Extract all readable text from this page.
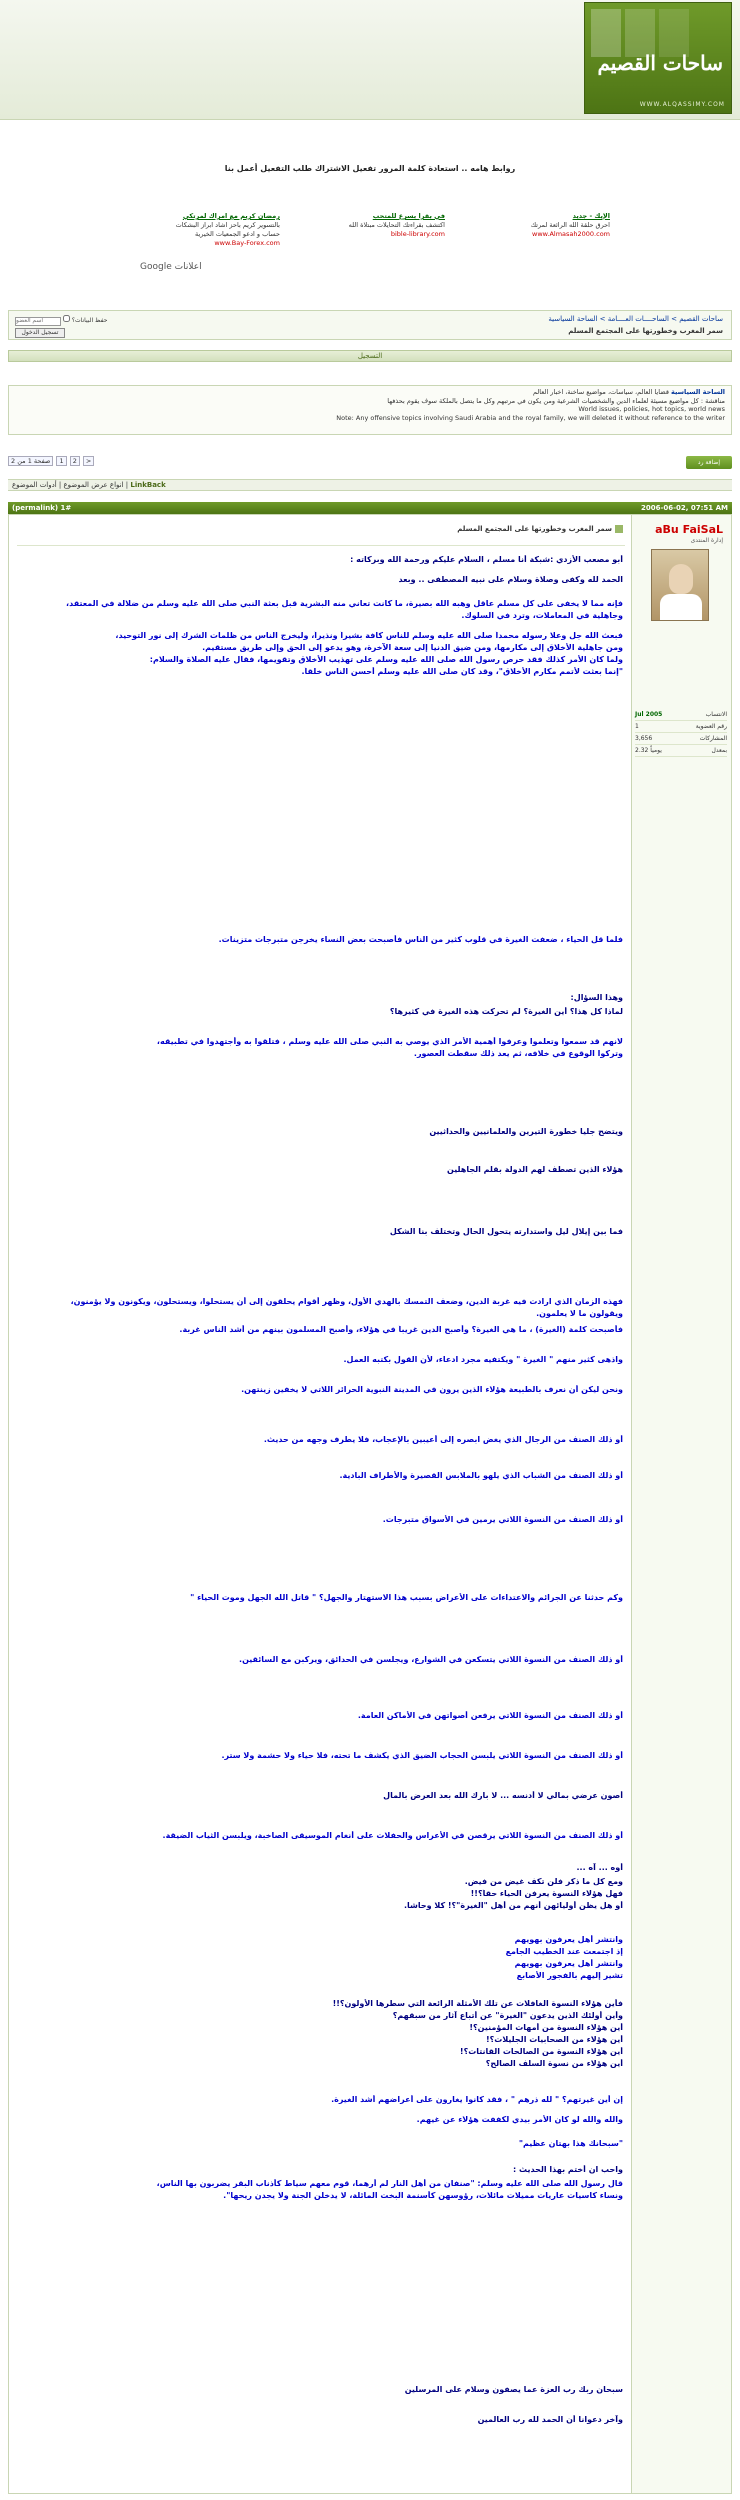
ساحات القصيم
WWW.ALQASSIMY.COM
روابط هامه .. استعادة كلمة المرور تفعيل الاشتراك طلب التفعيل أعمل بنا
الإيك - جديد
احرق حلقة الله الرائعة لمرتك
www.Almasah2000.com
في بقرا بسرع للمتحب
اكتشف بقراءتك التحايلات مبتلاة الله
bible-library.com
رمضان كريم مع امراك لمرتكي
بالتسوير كريم باحز اشاد ابراز البشكات
حساب و ادعو الجمعيات الخيرية
www.Bay-Forex.com
Google اعلانات
ساحات القصيم > الساحــــات العــــامة > الساحة السياسية
سمر المغرب وخطورتها على المجتمع المسلم
اسم العضو  حفظ البيانات؟
تسجيل الدخول
التسجيل
الساحة السياسية قضايا العالم، سياسات، مواضيع ساخنة، اخبار العالم
مناقشة : كل مواضيع مسيئة لعلماء الدين والشخصيات الشرعية ومن يكون في مرتبهم وكل ما يتصل بالملكة سوف يقوم بحذفها
World issues, policies, hot topics, world news
Note: Any offensive topics involving Saudi Arabia and the royal family, we will deleted it without reference to the writer
صفحة 1 من 2 1 2 >	إضافة رد
انواع عرض الموضوع | أدوات الموضوع	| LinkBack
(permalink) 1#	2006-06-02, 07:51 AM
aBu FaiSaL
إدارة المنتدى
الانتساب
Jul 2005
رقم العضوية
1
المشاركات
3,656
بمعدل
2.32 يومياً
سمر المغرب وخطورتها على المجتمع المسلم
أبو مصعب الأزدي :شبكة أنا مسلم ، السلام عليكم ورحمة الله وبركاته :
الحمد لله وكفى وصلاة وسلام على نبيه المصطفى .. وبعد
فإنه مما لا يخفى على كل مسلم عاقل وهبه الله بصيرة، ما كانت تعاني منه البشرية قبل بعثة النبي صلى الله عليه وسلم من ضلالة في المعتقد،
وجاهلية في المعاملات، وترد في السلوك.
فبعث الله جل وعلا رسوله محمداً صلى الله عليه وسلم للناس كافة بشيراً ونذيراً، وليخرج الناس من ظلمات الشرك إلى نور التوحيد،
ومن جاهلية الأخلاق إلى مكارمها، ومن ضيق الدنيا إلى سعة الآخرة، وهو يدعو إلى الحق وإلى طريق مستقيم.
ولما كان الأمر كذلك فقد حرص رسول الله صلى الله عليه وسلم على تهذيب الأخلاق وتقويمها، فقال عليه الصلاة والسلام:
"إنما بعثت لأتمم مكارم الأخلاق"، وقد كان صلى الله عليه وسلم أحسن الناس خلقاً.
فلما قل الحياء ، ضعفت الغيرة في قلوب كثير من الناس فأصبحت بعض النساء يخرجن متبرجات متزينات.
وهذا السؤال:
لماذا كل هذا؟ أين الغيرة؟ لم تحركت هذه الغيرة في كثيرها؟
لانهم قد سمعوا وتعلموا وعرفوا أهمية الأمر الذي يوصي به النبي صلى الله عليه وسلم ، فتلقوا به وأجتهدوا في تطبيقه،
وتركوا الوقوع في خلافه، ثم يعد ذلك سقطت العصور.
ويتضح جليا خطورة التيرين والعلمانيين والحداثيين
هؤلاء الذين تصطف لهم الدولة بقلم الجاهلين
فما بين إيلال ليل واستدارته يتحول الحال وتختلف بنا الشكل
فهذه الزمان الذي ارادت فيه غربة الدين، وضعف التمسك بالهدي الأول، وظهر أقوام يحلقون إلى أن يستحلوا، ويستحلون، ويكونون ولا يؤمنون،
ويقولون ما لا يعلمون.
فأصبحت كلمة (الغيرة) ، ما هي الغيرة؟ وأصبح الدين غريباً في هؤلاء، وأصبح المسلمون بينهم من أشد الناس غربة.
واذهى كثير منهم " الغيرة " ويكتفيه مجرد ادعاء، لأن القول بكتبه العمل.
ونحن ليكن أن نعرف بالطبيعة هؤلاء الذين يرون في المدينة النبوية الحرائر اللاتي لا يخفين زينتهن.
أو ذلك الصنف من الرجال الذي يغض ابصره إلى أعيبين بالإعجاب، فلا يطرف وجهه من حديث.
أو ذلك الصنف من الشباب الذي يلهو بالملابس القصيرة والأطراف البادية.
أو ذلك الصنف من النسوة اللاتي يرمين في الأسواق متبرجات.
وكم حدثنا عن الجرائم والاعتداءات على الأعراض بسبب هذا الاستهتار والجهل؟ " قاتل الله الجهل وموت الحياء "
أو ذلك الصنف من النسوة اللاتي يتسكعن في الشوارع، ويجلسن في الحدائق، ويركبن مع السائقين.
أو ذلك الصنف من النسوة اللاتي يرفعن أصواتهن في الأماكن العامة.
أو ذلك الصنف من النسوة اللاتي يلبسن الحجاب الضيق الذي يكشف ما تحته، فلا حياء ولا حشمة ولا ستر.
أصون عرضي بمالي لا أدنسه ... لا بارك الله بعد العرض بالمال
أو ذلك الصنف من النسوة اللاتي يرقصن في الأعراس والحفلات على أنغام الموسيقى الصاخبة، ويلبسن الثياب الضيقة.
أوه ... آه ...
ومع كل ما ذكر فلن تكف غيض من فيض.
فهل هؤلاء النسوة يعرفن الحياء حقاً؟!!
أو هل يظن أوليائهن أنهم من أهل "الغيرة"؟! كلا وحاشا.
وانتشر أهل يعرفون بهويهم
إذ اجتمعت عند الخطيب الجامع
وانتشر أهل يعرفون بهويهم
تشير إليهم بالفجور الأصابع
فأين هؤلاء النسوة الغافلات عن تلك الأمثلة الرائعة التي سطرها الأولون؟!!
وأين أولئك الذين يدعون "الغيرة" عن أتباع آثار من سبقهم؟
أين هؤلاء النسوة من أمهات المؤمنين؟!
أين هؤلاء من الصحابيات الجليلات؟!
أين هؤلاء النسوة من الصالحات القانتات؟!
أين هؤلاء من نسوة السلف الصالح؟
إن أين غيرتهم؟ " لله ذرهم " ، فقد كانوا يغارون على أعراضهم أشد الغيرة.
والله والله لو كان الأمر بيدي لكففت هؤلاء عن غيهم.
"سبحانك هذا بهتان عظيم"
واحب ان أختم بهذا الحديث :
قال رسول الله صلى الله عليه وسلم: "صنفان من أهل النار لم أرهما، قوم معهم سياط كأذناب البقر يضربون بها الناس،
ونساء كاسيات عاريات مميلات مائلات، رؤوسهن كأسنمة البخت المائلة، لا يدخلن الجنة ولا يجدن ريحها".
سبحان ربك رب العزة عما يصفون وسلام على المرسلين
وآخر دعوانا أن الحمد لله رب العالمين
